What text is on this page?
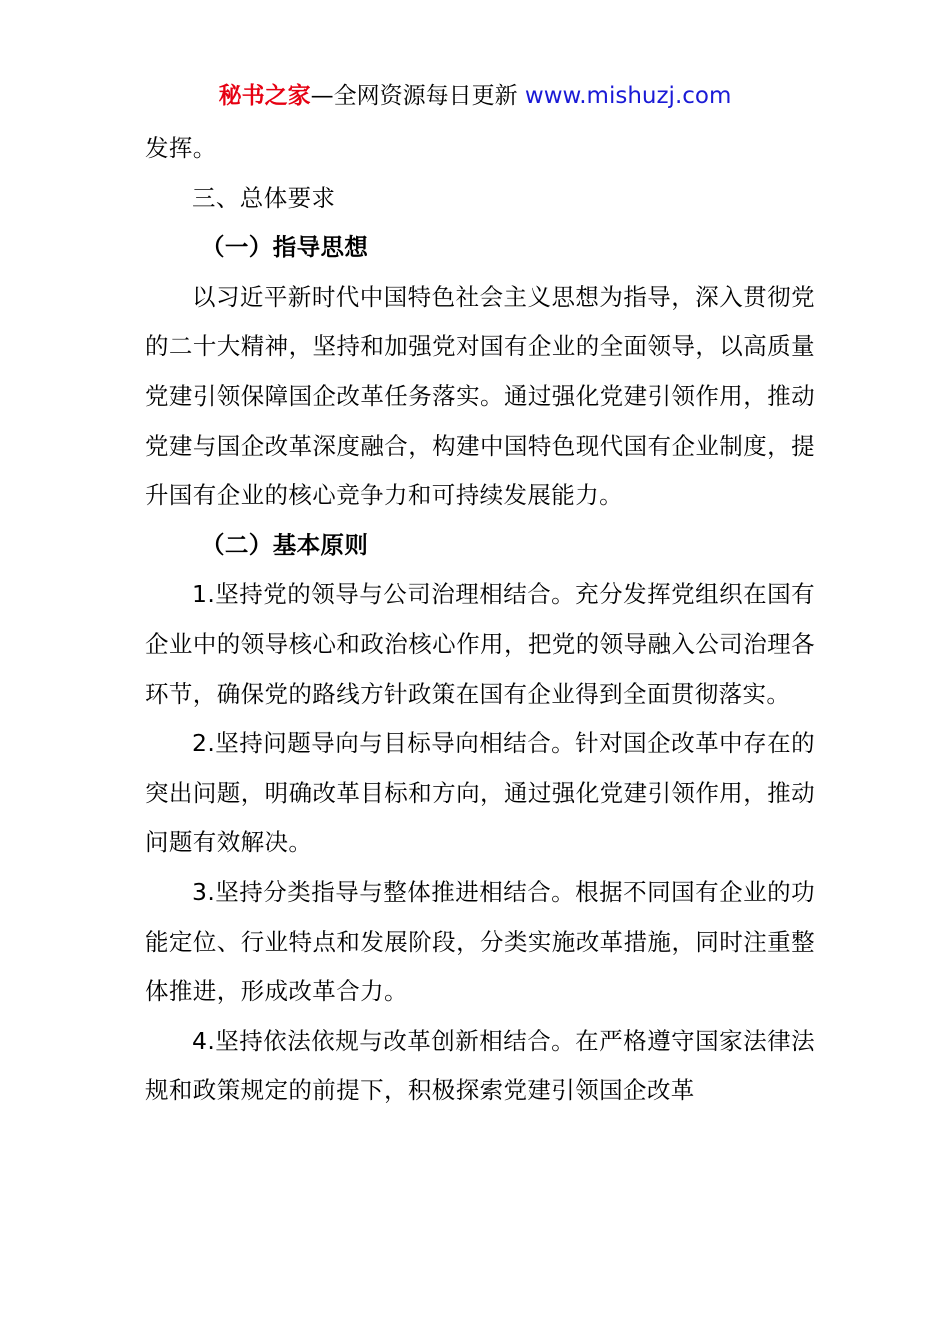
秘书之家—全网资源每日更新 www.mishuzj.com

发挥。

三、总体要求

（一）指导思想

以习近平新时代中国特色社会主义思想为指导，深入贯彻党的二十大精神，坚持和加强党对国有企业的全面领导，以高质量党建引领保障国企改革任务落实。通过强化党建引领作用，推动党建与国企改革深度融合，构建中国特色现代国有企业制度，提升国有企业的核心竞争力和可持续发展能力。

（二）基本原则

1.坚持党的领导与公司治理相结合。充分发挥党组织在国有企业中的领导核心和政治核心作用，把党的领导融入公司治理各环节，确保党的路线方针政策在国有企业得到全面贯彻落实。

2.坚持问题导向与目标导向相结合。针对国企改革中存在的突出问题，明确改革目标和方向，通过强化党建引领作用，推动问题有效解决。

3.坚持分类指导与整体推进相结合。根据不同国有企业的功能定位、行业特点和发展阶段，分类实施改革措施，同时注重整体推进，形成改革合力。

4.坚持依法依规与改革创新相结合。在严格遵守国家法律法规和政策规定的前提下，积极探索党建引领国企改革
